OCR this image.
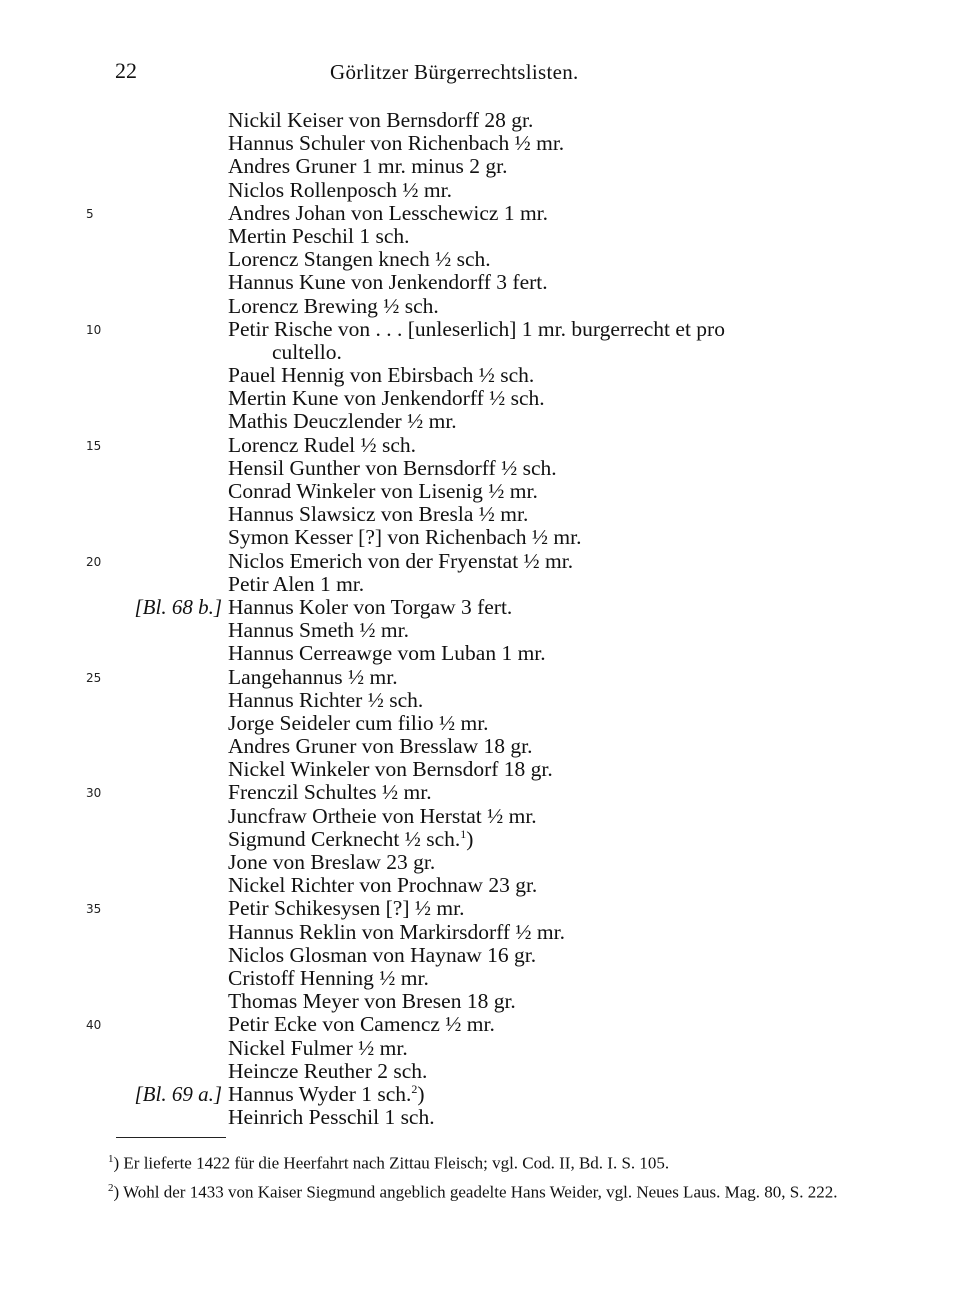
22	Görlitzer Bürgerrechtslisten.
Nickil Keiser von Bernsdorff 28 gr.
Hannus Schuler von Richenbach ½ mr.
Andres Gruner 1 mr. minus 2 gr.
Niclos Rollenposch ½ mr.
5	Andres Johan von Lesschewicz 1 mr.
Mertin Peschil 1 sch.
Lorencz Stangen knech ½ sch.
Hannus Kune von Jenkendorff 3 fert.
Lorencz Brewing ½ sch.
10	Petir Rische von . . . [unleserlich] 1 mr. burgerrecht et pro
cultello.
Pauel Hennig von Ebirsbach ½ sch.
Mertin Kune von Jenkendorff ½ sch.
Mathis Deuczlender ½ mr.
15	Lorencz Rudel ½ sch.
Hensil Gunther von Bernsdorff ½ sch.
Conrad Winkeler von Lisenig ½ mr.
Hannus Slawsicz von Bresla ½ mr.
Symon Kesser [?] von Richenbach ½ mr.
20	Niclos Emerich von der Fryenstat ½ mr.
Petir Alen 1 mr.
[Bl. 68 b.] Hannus Koler von Torgaw 3 fert.
Hannus Smeth ½ mr.
Hannus Cerreawge vom Luban 1 mr.
25	Langehannus ½ mr.
Hannus Richter ½ sch.
Jorge Seideler cum filio ½ mr.
Andres Gruner von Bresslaw 18 gr.
Nickel Winkeler von Bernsdorf 18 gr.
30	Frenczil Schultes ½ mr.
Juncfraw Ortheie von Herstat ½ mr.
Sigmund Cerknecht ½ sch.$^1$)
Jone von Breslaw 23 gr.
Nickel Richter von Prochnaw 23 gr.
35	Petir Schikesysen [?] ½ mr.
Hannus Reklin von Markirsdorff ½ mr.
Niclos Glosman von Haynaw 16 gr.
Cristoff Henning ½ mr.
Thomas Meyer von Bresen 18 gr.
40	Petir Ecke von Camencz ½ mr.
Nickel Fulmer ½ mr.
Heincze Reuther 2 sch.
[Bl. 69 a.] Hannus Wyder 1 sch.$^2$)
Heinrich Pesschil 1 sch.
$^1$) Er lieferte 1422 für die Heerfahrt nach Zittau Fleisch; vgl. Cod. II, Bd. I. S. 105.
$^2$) Wohl der 1433 von Kaiser Siegmund angeblich geadelte Hans Weider, vgl. Neues Laus. Mag. 80, S. 222.
